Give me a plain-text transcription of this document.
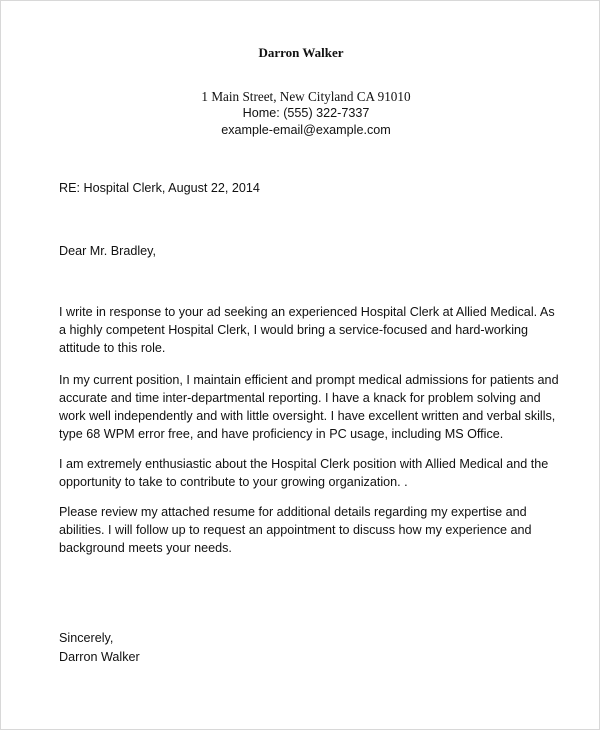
Darron Walker
1 Main Street, New Cityland CA 91010
Home: (555) 322-7337
example-email@example.com
RE: Hospital Clerk, August 22, 2014
Dear Mr. Bradley,

I write in response to your ad seeking an experienced Hospital Clerk at Allied Medical. As a highly competent Hospital Clerk, I would bring a service-focused and hard-working attitude to this role.

In my current position, I maintain efficient and prompt medical admissions for patients and accurate and time inter-departmental reporting. I have a knack for problem solving and work well independently and with little oversight. I have excellent written and verbal skills, type 68 WPM error free, and have proficiency in PC usage, including MS Office.

I am extremely enthusiastic about the Hospital Clerk position with Allied Medical and the opportunity to take to contribute to your growing organization. .

Please review my attached resume for additional details regarding my expertise and abilities. I will follow up to request an appointment to discuss how my experience and background meets your needs.

Sincerely,
Darron Walker
